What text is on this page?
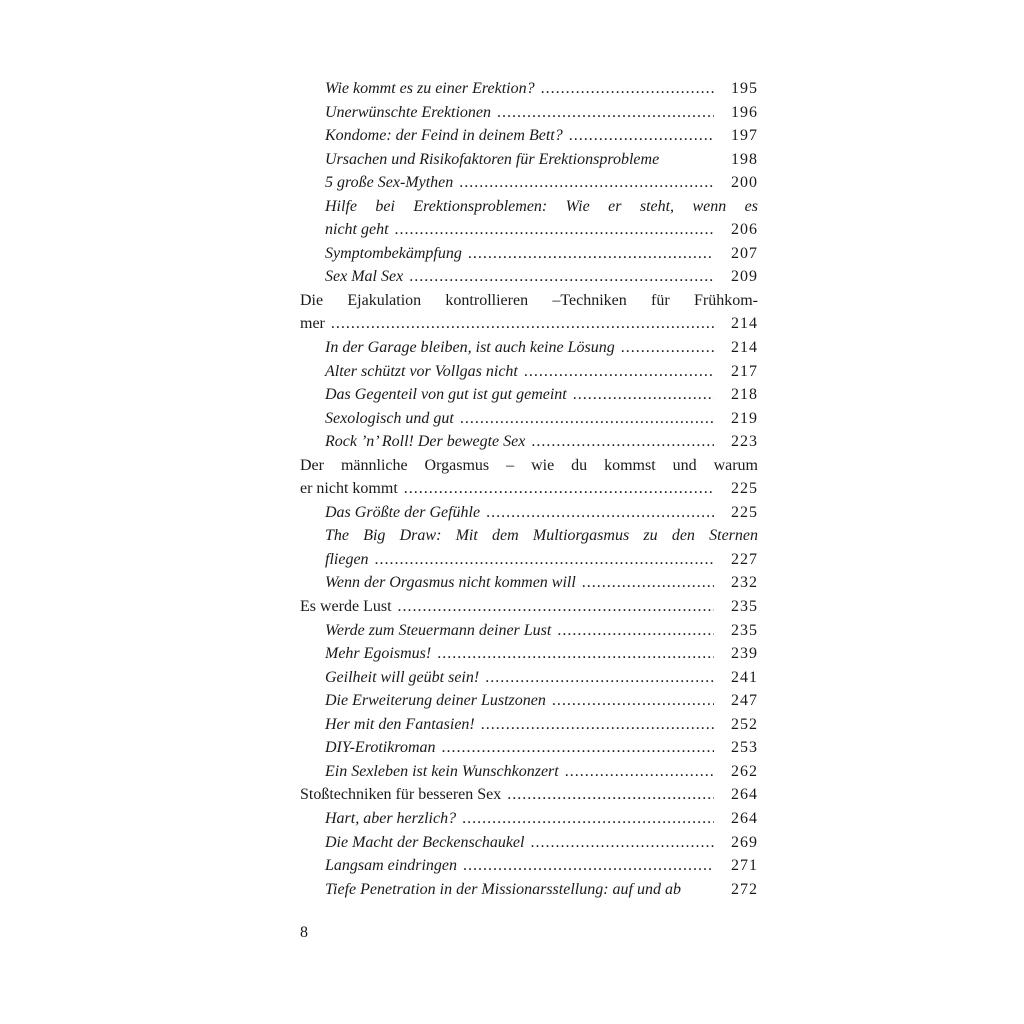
Wie kommt es zu einer Erektion? .....	195
Unerwünschte Erektionen .....	196
Kondome: der Feind in deinem Bett? .....	197
Ursachen und Risikofaktoren für Erektionsprobleme	198
5 große Sex-Mythen .....	200
Hilfe bei Erektionsproblemen: Wie er steht, wenn es
nicht geht .....	206
Symptombekämpfung .....	207
Sex Mal Sex .....	209
Die Ejakulation kontrollieren –Techniken für Frühkom-
mer .....	214
In der Garage bleiben, ist auch keine Lösung .....	214
Alter schützt vor Vollgas nicht .....	217
Das Gegenteil von gut ist gut gemeint .....	218
Sexologisch und gut .....	219
Rock ’n’ Roll! Der bewegte Sex .....	223
Der männliche Orgasmus – wie du kommst und warum
er nicht kommt .....	225
Das Größte der Gefühle .....	225
The Big Draw: Mit dem Multiorgasmus zu den Sternen
fliegen .....	227
Wenn der Orgasmus nicht kommen will .....	232
Es werde Lust .....	235
Werde zum Steuermann deiner Lust .....	235
Mehr Egoismus! .....	239
Geilheit will geübt sein! .....	241
Die Erweiterung deiner Lustzonen .....	247
Her mit den Fantasien! .....	252
DIY-Erotikroman .....	253
Ein Sexleben ist kein Wunschkonzert .....	262
Stoßtechniken für besseren Sex .....	264
Hart, aber herzlich? .....	264
Die Macht der Beckenschaukel .....	269
Langsam eindringen .....	271
Tiefe Penetration in der Missionarsstellung: auf und ab	272
8
